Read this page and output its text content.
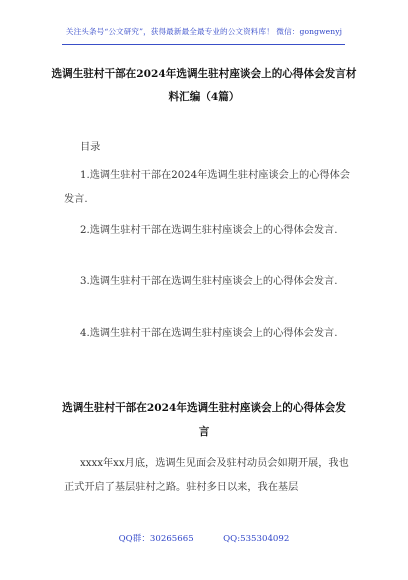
关注头条号“公文研究”，获得最新最全最专业的公文资料库！ 微信：gongwenyj
选调生驻村干部在2024年选调生驻村座谈会上的心得体会发言材料汇编（4篇）
目录
1.选调生驻村干部在2024年选调生驻村座谈会上的心得体会发言.
2.选调生驻村干部在选调生驻村座谈会上的心得体会发言.
3.选调生驻村干部在选调生驻村座谈会上的心得体会发言.
4.选调生驻村干部在选调生驻村座谈会上的心得体会发言.
选调生驻村干部在2024年选调生驻村座谈会上的心得体会发言
xxxx年xx月底，选调生见面会及驻村动员会如期开展，我也正式开启了基层驻村之路。驻村多日以来，我在基层
QQ群：30265665	QQ:535304092
